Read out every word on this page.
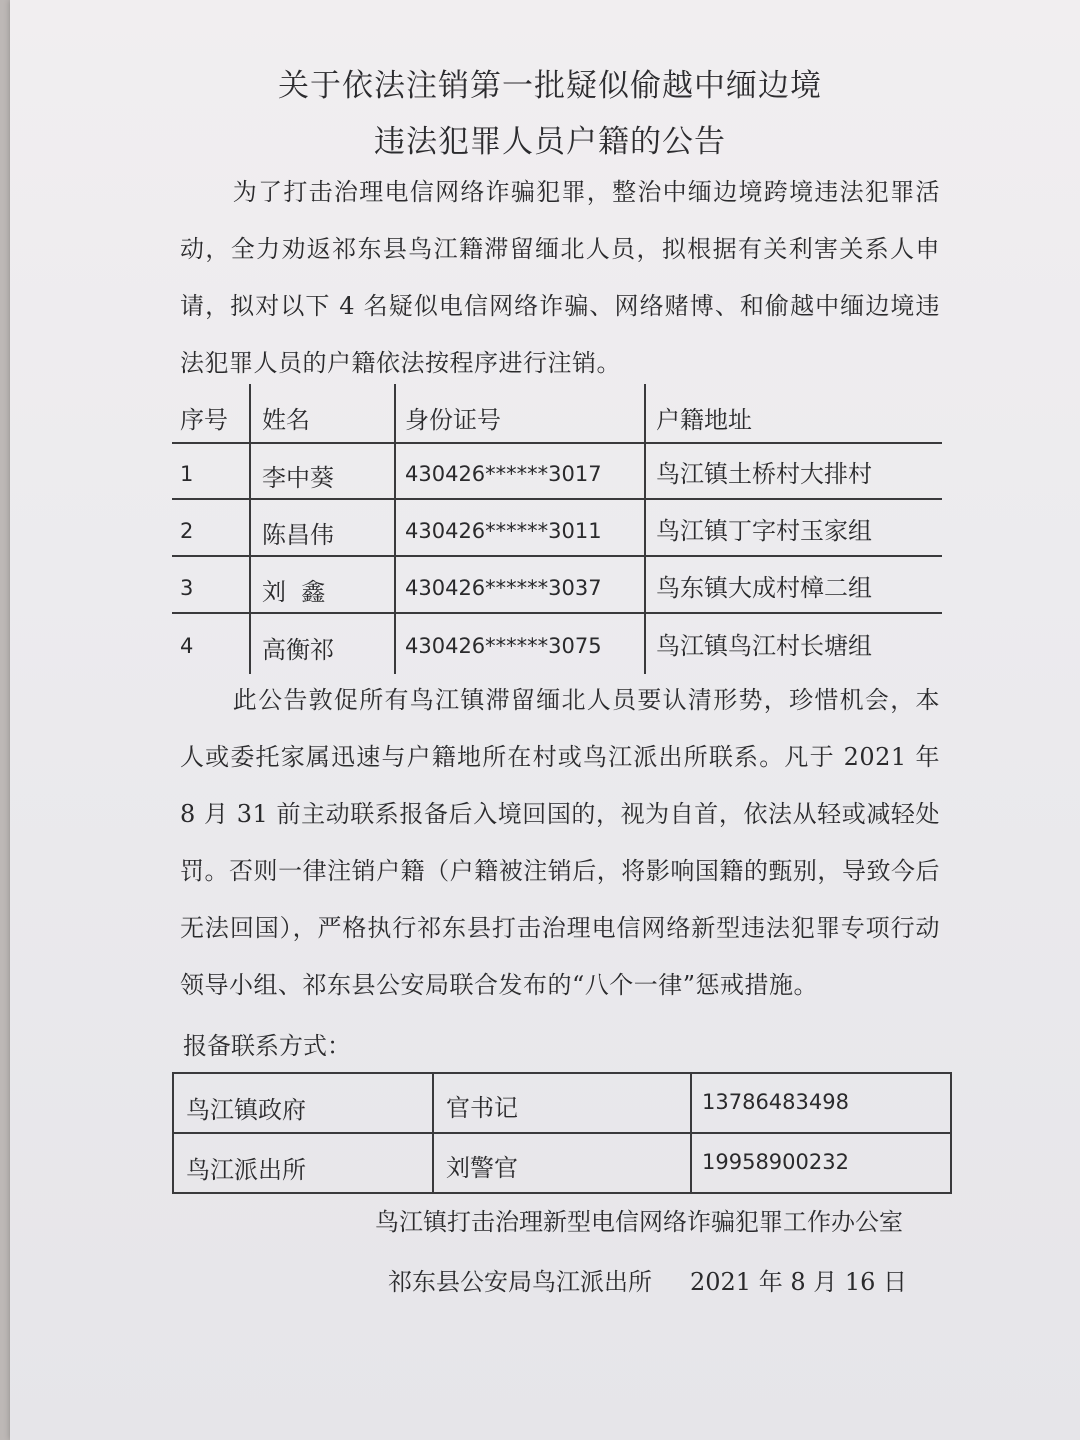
关于依法注销第一批疑似偷越中缅边境
违法犯罪人员户籍的公告
为了打击治理电信网络诈骗犯罪，整治中缅边境跨境违法犯罪活动，全力劝返祁东县鸟江籍滞留缅北人员，拟根据有关利害关系人申请，拟对以下 4 名疑似电信网络诈骗、网络赌博、和偷越中缅边境违法犯罪人员的户籍依法按程序进行注销。
序号 姓名	身份证号	户籍地址
1	李中葵	430426******3017 鸟江镇土桥村大排村
2	陈昌伟	430426******3011 鸟江镇丁字村玉家组
3	刘  鑫	430426******3037 鸟东镇大成村樟二组
4	高衡祁	430426******3075 鸟江镇鸟江村长塘组
此公告敦促所有鸟江镇滞留缅北人员要认清形势，珍惜机会，本人或委托家属迅速与户籍地所在村或鸟江派出所联系。凡于 2021 年 8 月 31 前主动联系报备后入境回国的，视为自首，依法从轻或减轻处罚。否则一律注销户籍（户籍被注销后，将影响国籍的甄别，导致今后无法回国），严格执行祁东县打击治理电信网络新型违法犯罪专项行动领导小组、祁东县公安局联合发布的“八个一律”惩戒措施。
报备联系方式：
鸟江镇政府	官书记	13786483498
鸟江派出所	刘警官	19958900232
鸟江镇打击治理新型电信网络诈骗犯罪工作办公室
祁东县公安局鸟江派出所 2021 年 8 月 16 日
